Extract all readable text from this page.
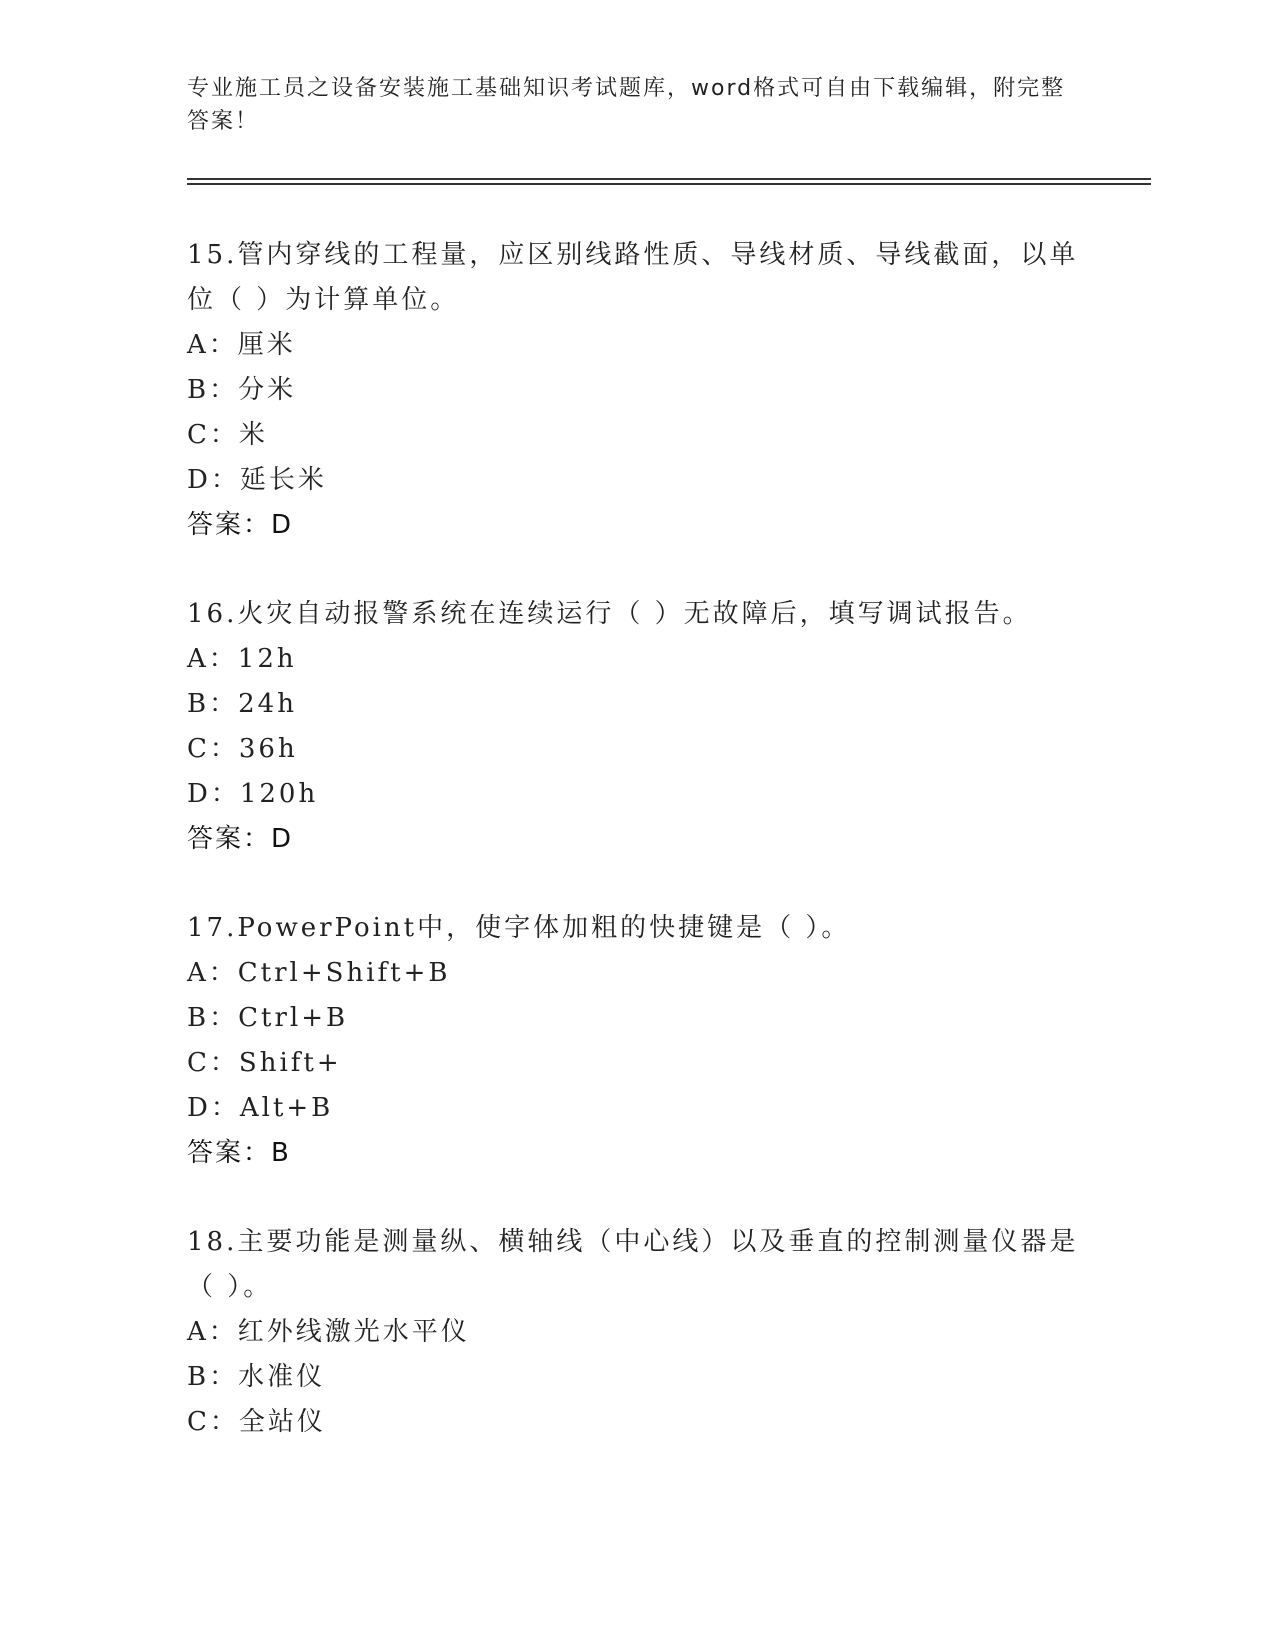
专业施工员之设备安装施工基础知识考试题库，word格式可自由下载编辑，附完整答案！

15.管内穿线的工程量，应区别线路性质、导线材质、导线截面，以单位（ ）为计算单位。

A：厘米

B：分米

C：米

D：延长米

答案：D

16.火灾自动报警系统在连续运行（ ）无故障后，填写调试报告。

A：12h

B：24h

C：36h

D：120h

答案：D

17.PowerPoint中，使字体加粗的快捷键是（ ）。

A：Ctrl+Shift+B

B：Ctrl+B

C：Shift+

D：Alt+B

答案：B

18.主要功能是测量纵、横轴线（中心线）以及垂直的控制测量仪器是（ ）。

A：红外线激光水平仪

B：水准仪

C：全站仪
